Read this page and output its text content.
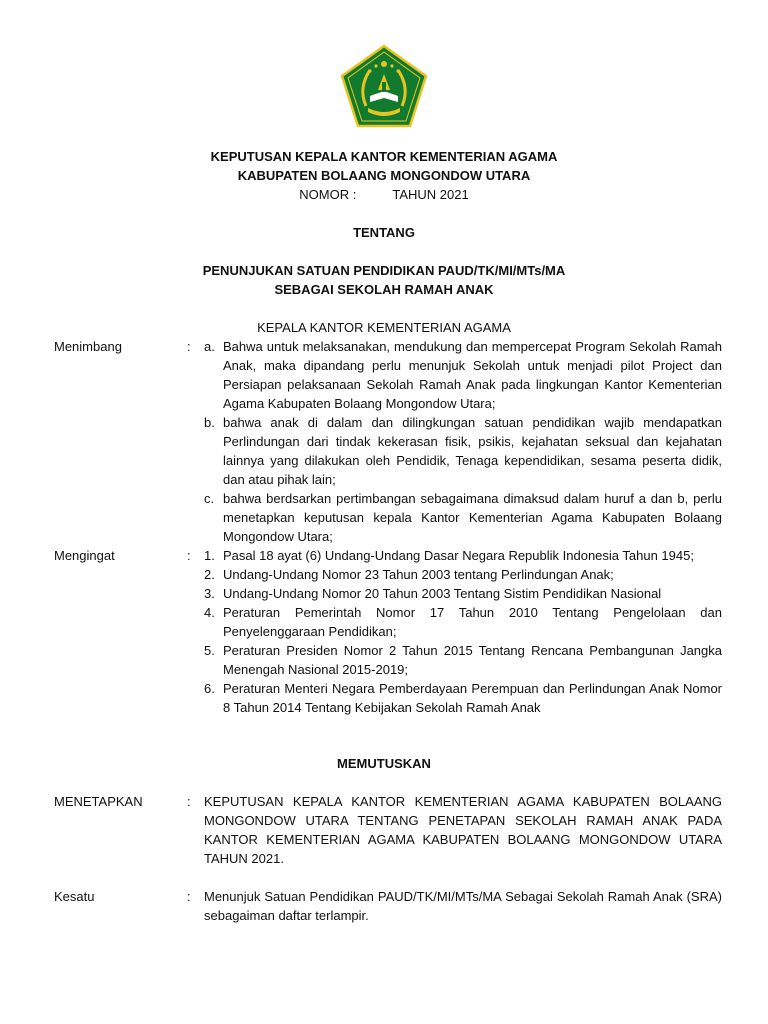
KEPUTUSAN KEPALA KANTOR KEMENTERIAN AGAMA
KABUPATEN BOLAANG MONGONDOW UTARA
NOMOR :	TAHUN 2021
TENTANG
PENUNJUKAN SATUAN PENDIDIKAN PAUD/TK/MI/MTs/MA
SEBAGAI SEKOLAH RAMAH ANAK
KEPALA KANTOR KEMENTERIAN AGAMA
Menimbang	: a. Bahwa untuk melaksanakan, mendukung dan mempercepat Program Sekolah Ramah Anak, maka dipandang perlu menunjuk Sekolah untuk menjadi pilot Project dan Persiapan pelaksanaan Sekolah Ramah Anak pada lingkungan Kantor Kementerian Agama Kabupaten Bolaang Mongondow Utara;
b. bahwa anak di dalam dan dilingkungan satuan pendidikan wajib mendapatkan Perlindungan dari tindak kekerasan fisik, psikis, kejahatan seksual dan kejahatan lainnya yang dilakukan oleh Pendidik, Tenaga kependidikan, sesama peserta didik, dan atau pihak lain;
c. bahwa berdsarkan pertimbangan sebagaimana dimaksud dalam huruf a dan b, perlu menetapkan keputusan kepala Kantor Kementerian Agama Kabupaten Bolaang Mongondow Utara;
Mengingat	: 1. Pasal 18 ayat (6) Undang-Undang Dasar Negara Republik Indonesia Tahun 1945;
2. Undang-Undang Nomor 23 Tahun 2003 tentang Perlindungan Anak;
3. Undang-Undang Nomor 20 Tahun 2003 Tentang Sistim Pendidikan Nasional
4. Peraturan Pemerintah Nomor 17 Tahun 2010 Tentang Pengelolaan dan Penyelenggaraan Pendidikan;
5. Peraturan Presiden Nomor 2 Tahun 2015 Tentang Rencana Pembangunan Jangka Menengah Nasional 2015-2019;
6. Peraturan Menteri Negara Pemberdayaan Perempuan dan Perlindungan Anak Nomor 8 Tahun 2014 Tentang Kebijakan Sekolah Ramah Anak
MEMUTUSKAN
MENETAPKAN	: KEPUTUSAN KEPALA KANTOR KEMENTERIAN AGAMA KABUPATEN BOLAANG MONGONDOW UTARA TENTANG PENETAPAN SEKOLAH RAMAH ANAK PADA KANTOR KEMENTERIAN AGAMA KABUPATEN BOLAANG MONGONDOW UTARA TAHUN 2021.
Kesatu	: Menunjuk Satuan Pendidikan PAUD/TK/MI/MTs/MA Sebagai Sekolah Ramah Anak (SRA) sebagaiman daftar terlampir.
